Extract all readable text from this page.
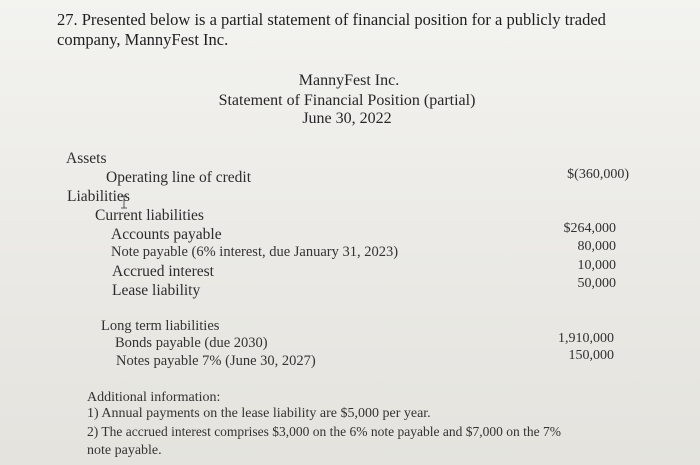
27. Presented below is a partial statement of financial position for a publicly traded
company, MannyFest Inc.
MannyFest Inc.
Statement of Financial Position (partial)
June 30, 2022
Assets
Operating line of credit	$(360,000)
Liabilities
Current liabilities
Accounts payable	$264,000
Note payable (6% interest, due January 31, 2023)	80,000
Accrued interest	10,000
Lease liability	50,000
Long term liabilities
Bonds payable (due 2030)	1,910,000
Notes payable 7% (June 30, 2027)	150,000
Additional information:
1) Annual payments on the lease liability are $5,000 per year.
2) The accrued interest comprises $3,000 on the 6% note payable and $7,000 on the 7%
note payable.
